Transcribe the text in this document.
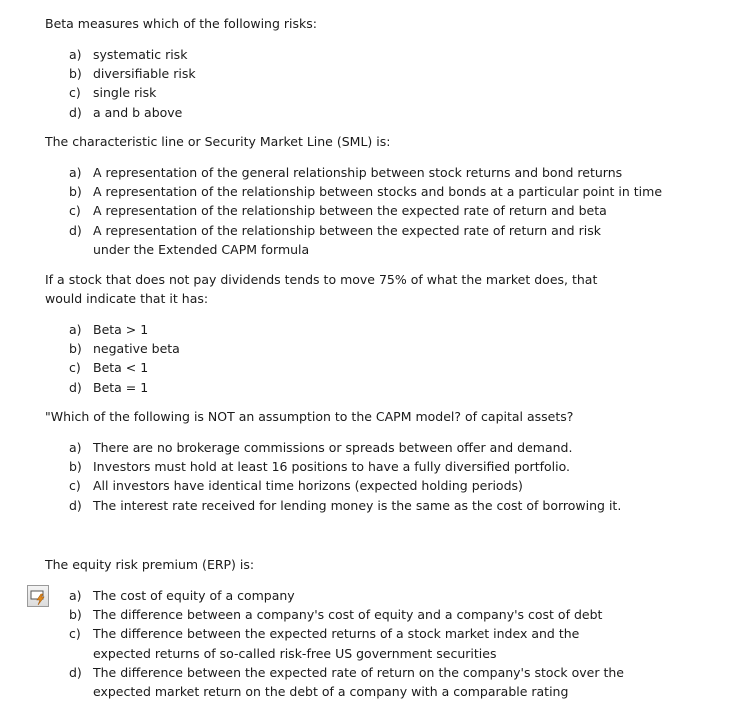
Beta measures which of the following risks:

a) systematic risk
b) diversifiable risk
c) single risk
d) a and b above

The characteristic line or Security Market Line (SML) is:

a) A representation of the general relationship between stock returns and bond returns
b) A representation of the relationship between stocks and bonds at a particular point in time
c) A representation of the relationship between the expected rate of return and beta
d) A representation of the relationship between the expected rate of return and risk under the Extended CAPM formula

If a stock that does not pay dividends tends to move 75% of what the market does, that would indicate that it has:

a) Beta > 1
b) negative beta
c) Beta < 1
d) Beta = 1

"Which of the following is NOT an assumption to the CAPM model? of capital assets?

a) There are no brokerage commissions or spreads between offer and demand.
b) Investors must hold at least 16 positions to have a fully diversified portfolio.
c) All investors have identical time horizons (expected holding periods)
d) The interest rate received for lending money is the same as the cost of borrowing it.

The equity risk premium (ERP) is:

a) The cost of equity of a company
b) The difference between a company's cost of equity and a company's cost of debt
c) The difference between the expected returns of a stock market index and the expected returns of so-called risk-free US government securities
d) The difference between the expected rate of return on the company's stock over the expected market return on the debt of a company with a comparable rating
